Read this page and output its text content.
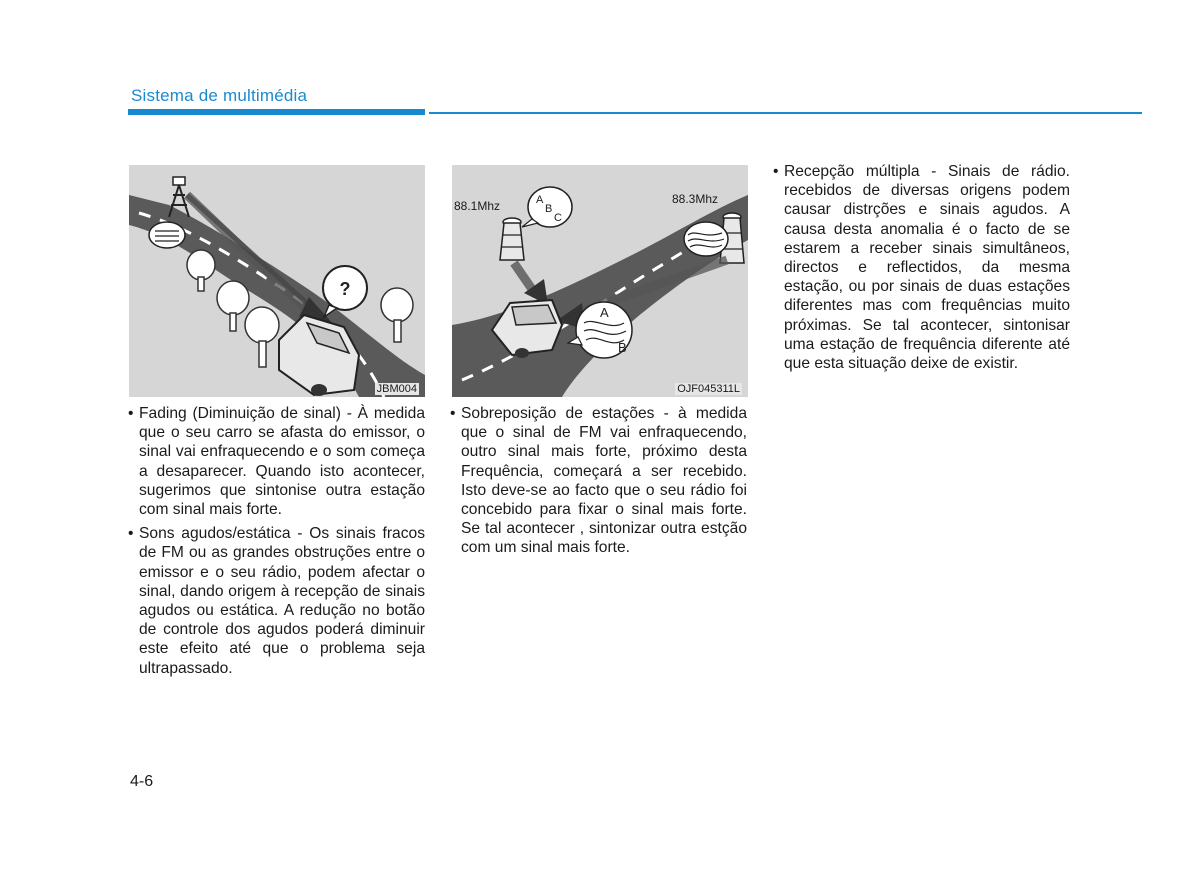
Sistema de multimédia
?
JBM004
88.1Mhz	88.3Mhz
A
B
C
A
B
OJF045311L

• Fading (Diminuição de sinal) - À medida que o seu carro se afasta do emissor, o sinal vai enfraquecendo e o som começa a desaparecer. Quando isto acontecer, sugerimos que sintonise outra estação com sinal mais forte.

• Sons agudos/estática - Os sinais fracos de FM ou as grandes obstruções entre o emissor e o seu rádio, podem afectar o sinal, dando origem à recepção de sinais agudos ou estática. A redução no botão de controle dos agudos poderá diminuir este efeito até que o problema seja ultrapassado.

• Sobreposição de estações - à medida que o sinal de FM vai enfraquecendo, outro sinal mais forte, próximo desta Frequência, começará a ser recebido. Isto deve-se ao facto que o seu rádio foi concebido para fixar o sinal mais forte. Se tal acontecer , sintonizar outra estção com um sinal mais forte.

• Recepção múltipla - Sinais de rádio. recebidos de diversas origens podem causar distrções e sinais agudos. A causa desta anomalia é o facto de se estarem a receber sinais simultâneos, directos e reflectidos, da mesma estação, ou por sinais de duas estações diferentes mas com frequências muito próximas. Se tal acontecer, sintonisar uma estação de frequência diferente até que esta situação deixe de existir.

4-6
